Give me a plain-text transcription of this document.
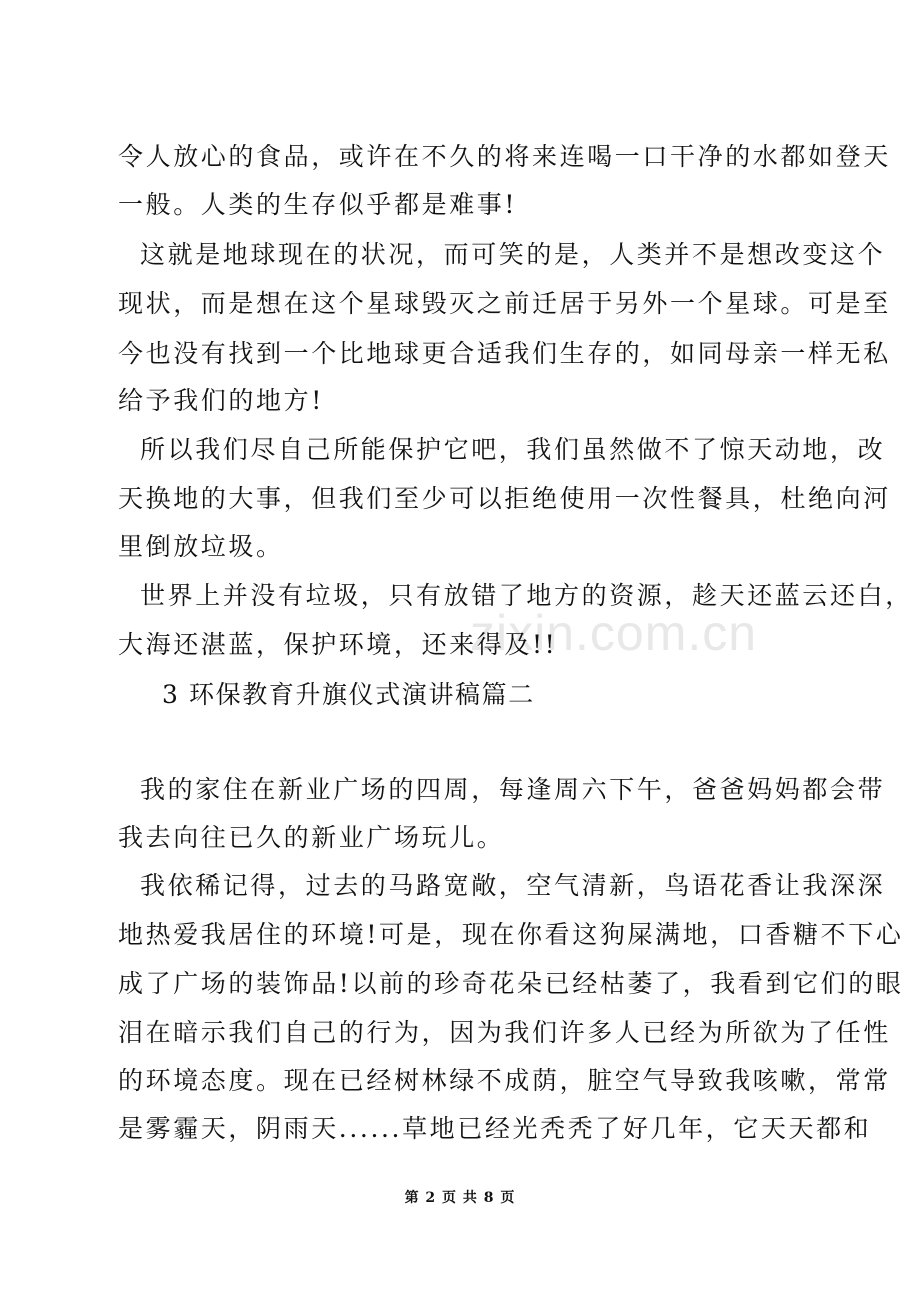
zixin.com.cn
令人放心的食品，或许在不久的将来连喝一口干净的水都如登天
一般。人类的生存似乎都是难事!
这就是地球现在的状况，而可笑的是，人类并不是想改变这个
现状，而是想在这个星球毁灭之前迁居于另外一个星球。可是至
今也没有找到一个比地球更合适我们生存的，如同母亲一样无私
给予我们的地方!
所以我们尽自己所能保护它吧，我们虽然做不了惊天动地，改
天换地的大事，但我们至少可以拒绝使用一次性餐具，杜绝向河
里倒放垃圾。
世界上并没有垃圾，只有放错了地方的资源，趁天还蓝云还白，
大海还湛蓝，保护环境，还来得及!!
3 环保教育升旗仪式演讲稿篇二
我的家住在新业广场的四周，每逢周六下午，爸爸妈妈都会带
我去向往已久的新业广场玩儿。
我依稀记得，过去的马路宽敞，空气清新，鸟语花香让我深深
地热爱我居住的环境!可是，现在你看这狗屎满地，口香糖不下心
成了广场的装饰品!以前的珍奇花朵已经枯萎了，我看到它们的眼
泪在暗示我们自己的行为，因为我们许多人已经为所欲为了任性
的环境态度。现在已经树林绿不成荫，脏空气导致我咳嗽，常常
是雾霾天，阴雨天......草地已经光秃秃了好几年，它天天都和
第 2 页 共 8 页
